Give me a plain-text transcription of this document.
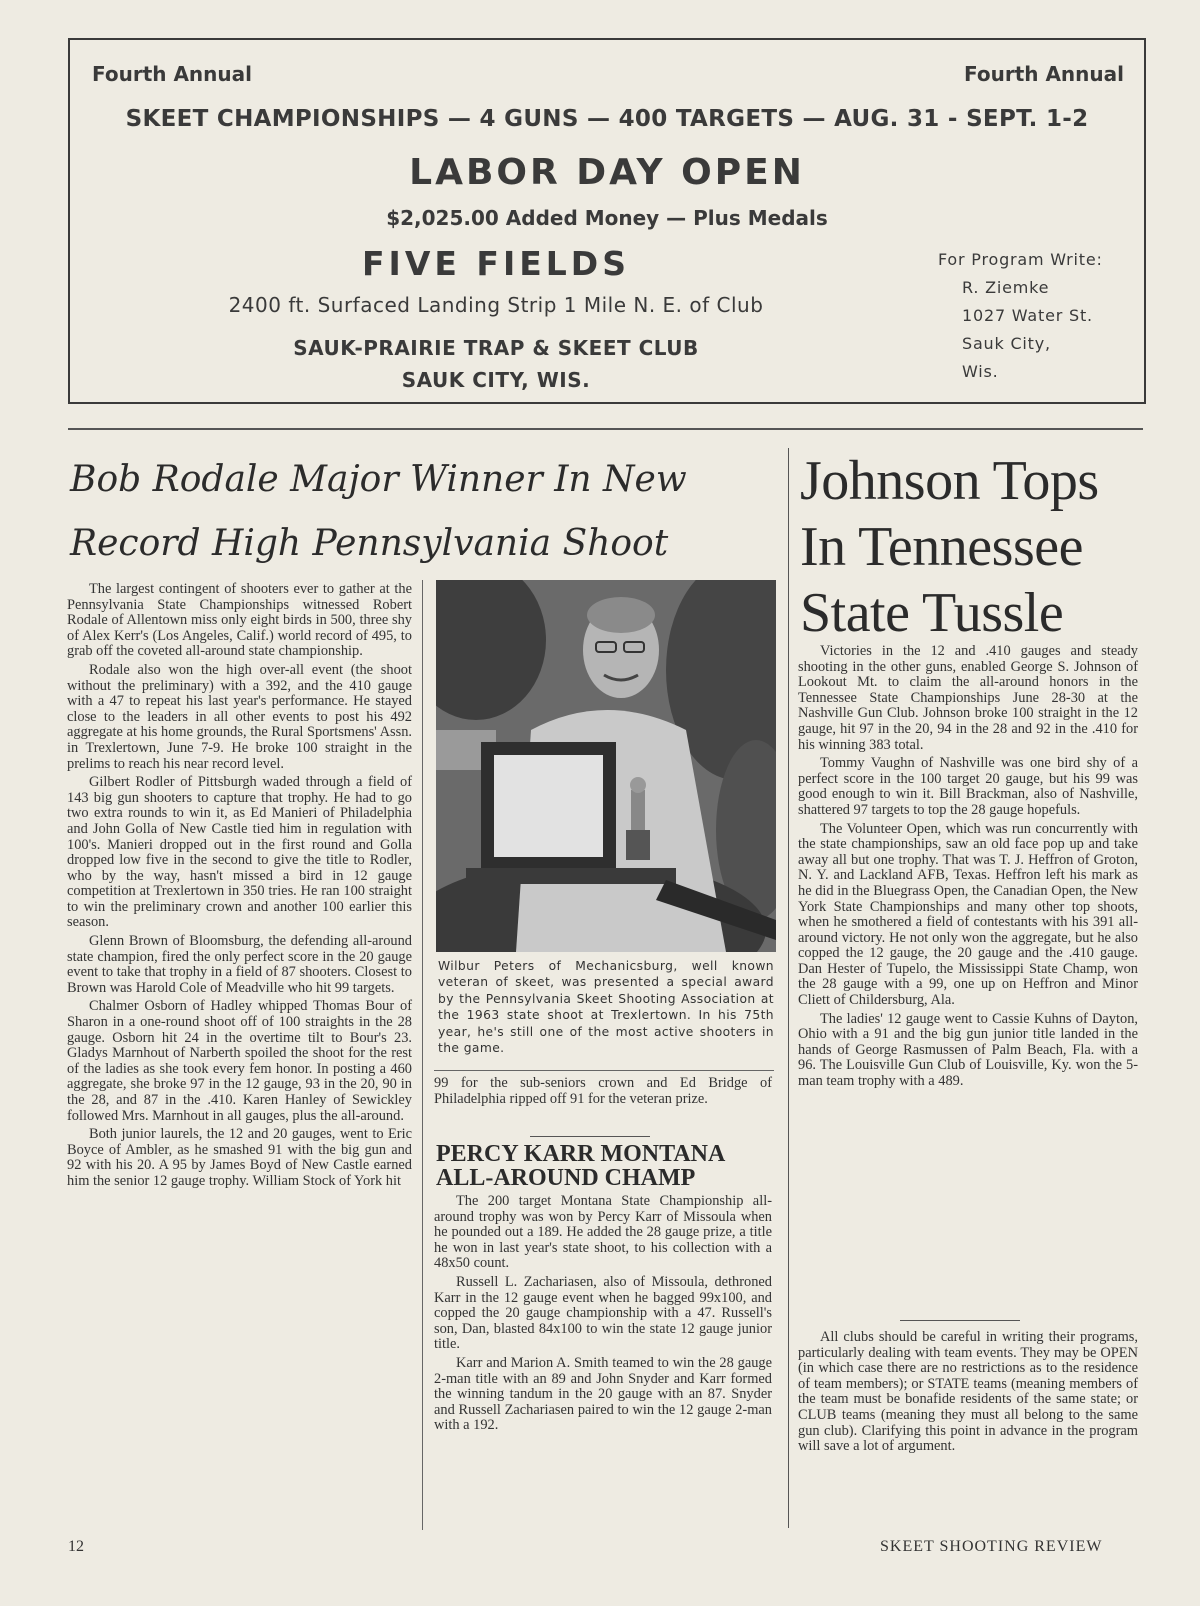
Fourth Annual	Fourth Annual
SKEET CHAMPIONSHIPS — 4 GUNS — 400 TARGETS — AUG. 31 - SEPT. 1-2
LABOR DAY OPEN
$2,025.00 Added Money — Plus Medals
FIVE FIELDS
2400 ft. Surfaced Landing Strip 1 Mile N. E. of Club
SAUK-PRAIRIE TRAP & SKEET CLUB
SAUK CITY, WIS.
For Program Write:
R. Ziemke
1027 Water St.
Sauk City,
Wis.
Bob Rodale Major Winner In New
Record High Pennsylvania Shoot

The largest contingent of shooters ever to gather at the Pennsylvania State Championships witnessed Robert Rodale of Allentown miss only eight birds in 500, three shy of Alex Kerr's (Los Angeles, Calif.) world record of 495, to grab off the coveted all-around state championship.

Rodale also won the high over-all event (the shoot without the preliminary) with a 392, and the 410 gauge with a 47 to repeat his last year's performance. He stayed close to the leaders in all other events to post his 492 aggregate at his home grounds, the Rural Sportsmens' Assn. in Trexlertown, June 7-9. He broke 100 straight in the prelims to reach his near record level.

Gilbert Rodler of Pittsburgh waded through a field of 143 big gun shooters to capture that trophy. He had to go two extra rounds to win it, as Ed Manieri of Philadelphia and John Golla of New Castle tied him in regulation with 100's. Manieri dropped out in the first round and Golla dropped low five in the second to give the title to Rodler, who by the way, hasn't missed a bird in 12 gauge competition at Trexlertown in 350 tries. He ran 100 straight to win the preliminary crown and another 100 earlier this season.

Glenn Brown of Bloomsburg, the defending all-around state champion, fired the only perfect score in the 20 gauge event to take that trophy in a field of 87 shooters. Closest to Brown was Harold Cole of Meadville who hit 99 targets.

Chalmer Osborn of Hadley whipped Thomas Bour of Sharon in a one-round shoot off of 100 straights in the 28 gauge. Osborn hit 24 in the overtime tilt to Bour's 23. Gladys Marnhout of Narberth spoiled the shoot for the rest of the ladies as she took every fem honor. In posting a 460 aggregate, she broke 97 in the 12 gauge, 93 in the 20, 90 in the 28, and 87 in the .410. Karen Hanley of Sewickley followed Mrs. Marnhout in all gauges, plus the all-around.

Both junior laurels, the 12 and 20 gauges, went to Eric Boyce of Ambler, as he smashed 91 with the big gun and 92 with his 20. A 95 by James Boyd of New Castle earned him the senior 12 gauge trophy. William Stock of York hit

Wilbur Peters of Mechanicsburg, well known veteran of skeet, was presented a special award by the Pennsylvania Skeet Shooting Association at the 1963 state shoot at Trexlertown. In his 75th year, he's still one of the most active shooters in the game.

99 for the sub-seniors crown and Ed Bridge of Philadelphia ripped off 91 for the veteran prize.

PERCY KARR MONTANA
ALL-AROUND CHAMP

The 200 target Montana State Championship all-around trophy was won by Percy Karr of Missoula when he pounded out a 189. He added the 28 gauge prize, a title he won in last year's state shoot, to his collection with a 48x50 count.

Russell L. Zachariasen, also of Missoula, dethroned Karr in the 12 gauge event when he bagged 99x100, and copped the 20 gauge championship with a 47. Russell's son, Dan, blasted 84x100 to win the state 12 gauge junior title.

Karr and Marion A. Smith teamed to win the 28 gauge 2-man title with an 89 and John Snyder and Karr formed the winning tandum in the 20 gauge with an 87. Snyder and Russell Zachariasen paired to win the 12 gauge 2-man with a 192.

Johnson Tops
In Tennessee
State Tussle

Victories in the 12 and .410 gauges and steady shooting in the other guns, enabled George S. Johnson of Lookout Mt. to claim the all-around honors in the Tennessee State Championships June 28-30 at the Nashville Gun Club. Johnson broke 100 straight in the 12 gauge, hit 97 in the 20, 94 in the 28 and 92 in the .410 for his winning 383 total.

Tommy Vaughn of Nashville was one bird shy of a perfect score in the 100 target 20 gauge, but his 99 was good enough to win it. Bill Brackman, also of Nashville, shattered 97 targets to top the 28 gauge hopefuls.

The Volunteer Open, which was run concurrently with the state championships, saw an old face pop up and take away all but one trophy. That was T. J. Heffron of Groton, N. Y. and Lackland AFB, Texas. Heffron left his mark as he did in the Bluegrass Open, the Canadian Open, the New York State Championships and many other top shoots, when he smothered a field of contestants with his 391 all-around victory. He not only won the aggregate, but he also copped the 12 gauge, the 20 gauge and the .410 gauge. Dan Hester of Tupelo, the Mississippi State Champ, won the 28 gauge with a 99, one up on Heffron and Minor Cliett of Childersburg, Ala.

The ladies' 12 gauge went to Cassie Kuhns of Dayton, Ohio with a 91 and the big gun junior title landed in the hands of George Rasmussen of Palm Beach, Fla. with a 96. The Louisville Gun Club of Louisville, Ky. won the 5-man team trophy with a 489.

All clubs should be careful in writing their programs, particularly dealing with team events. They may be OPEN (in which case there are no restrictions as to the residence of team members); or STATE teams (meaning members of the team must be bonafide residents of the same state; or CLUB teams (meaning they must all belong to the same gun club). Clarifying this point in advance in the program will save a lot of argument.

12	SKEET SHOOTING REVIEW
